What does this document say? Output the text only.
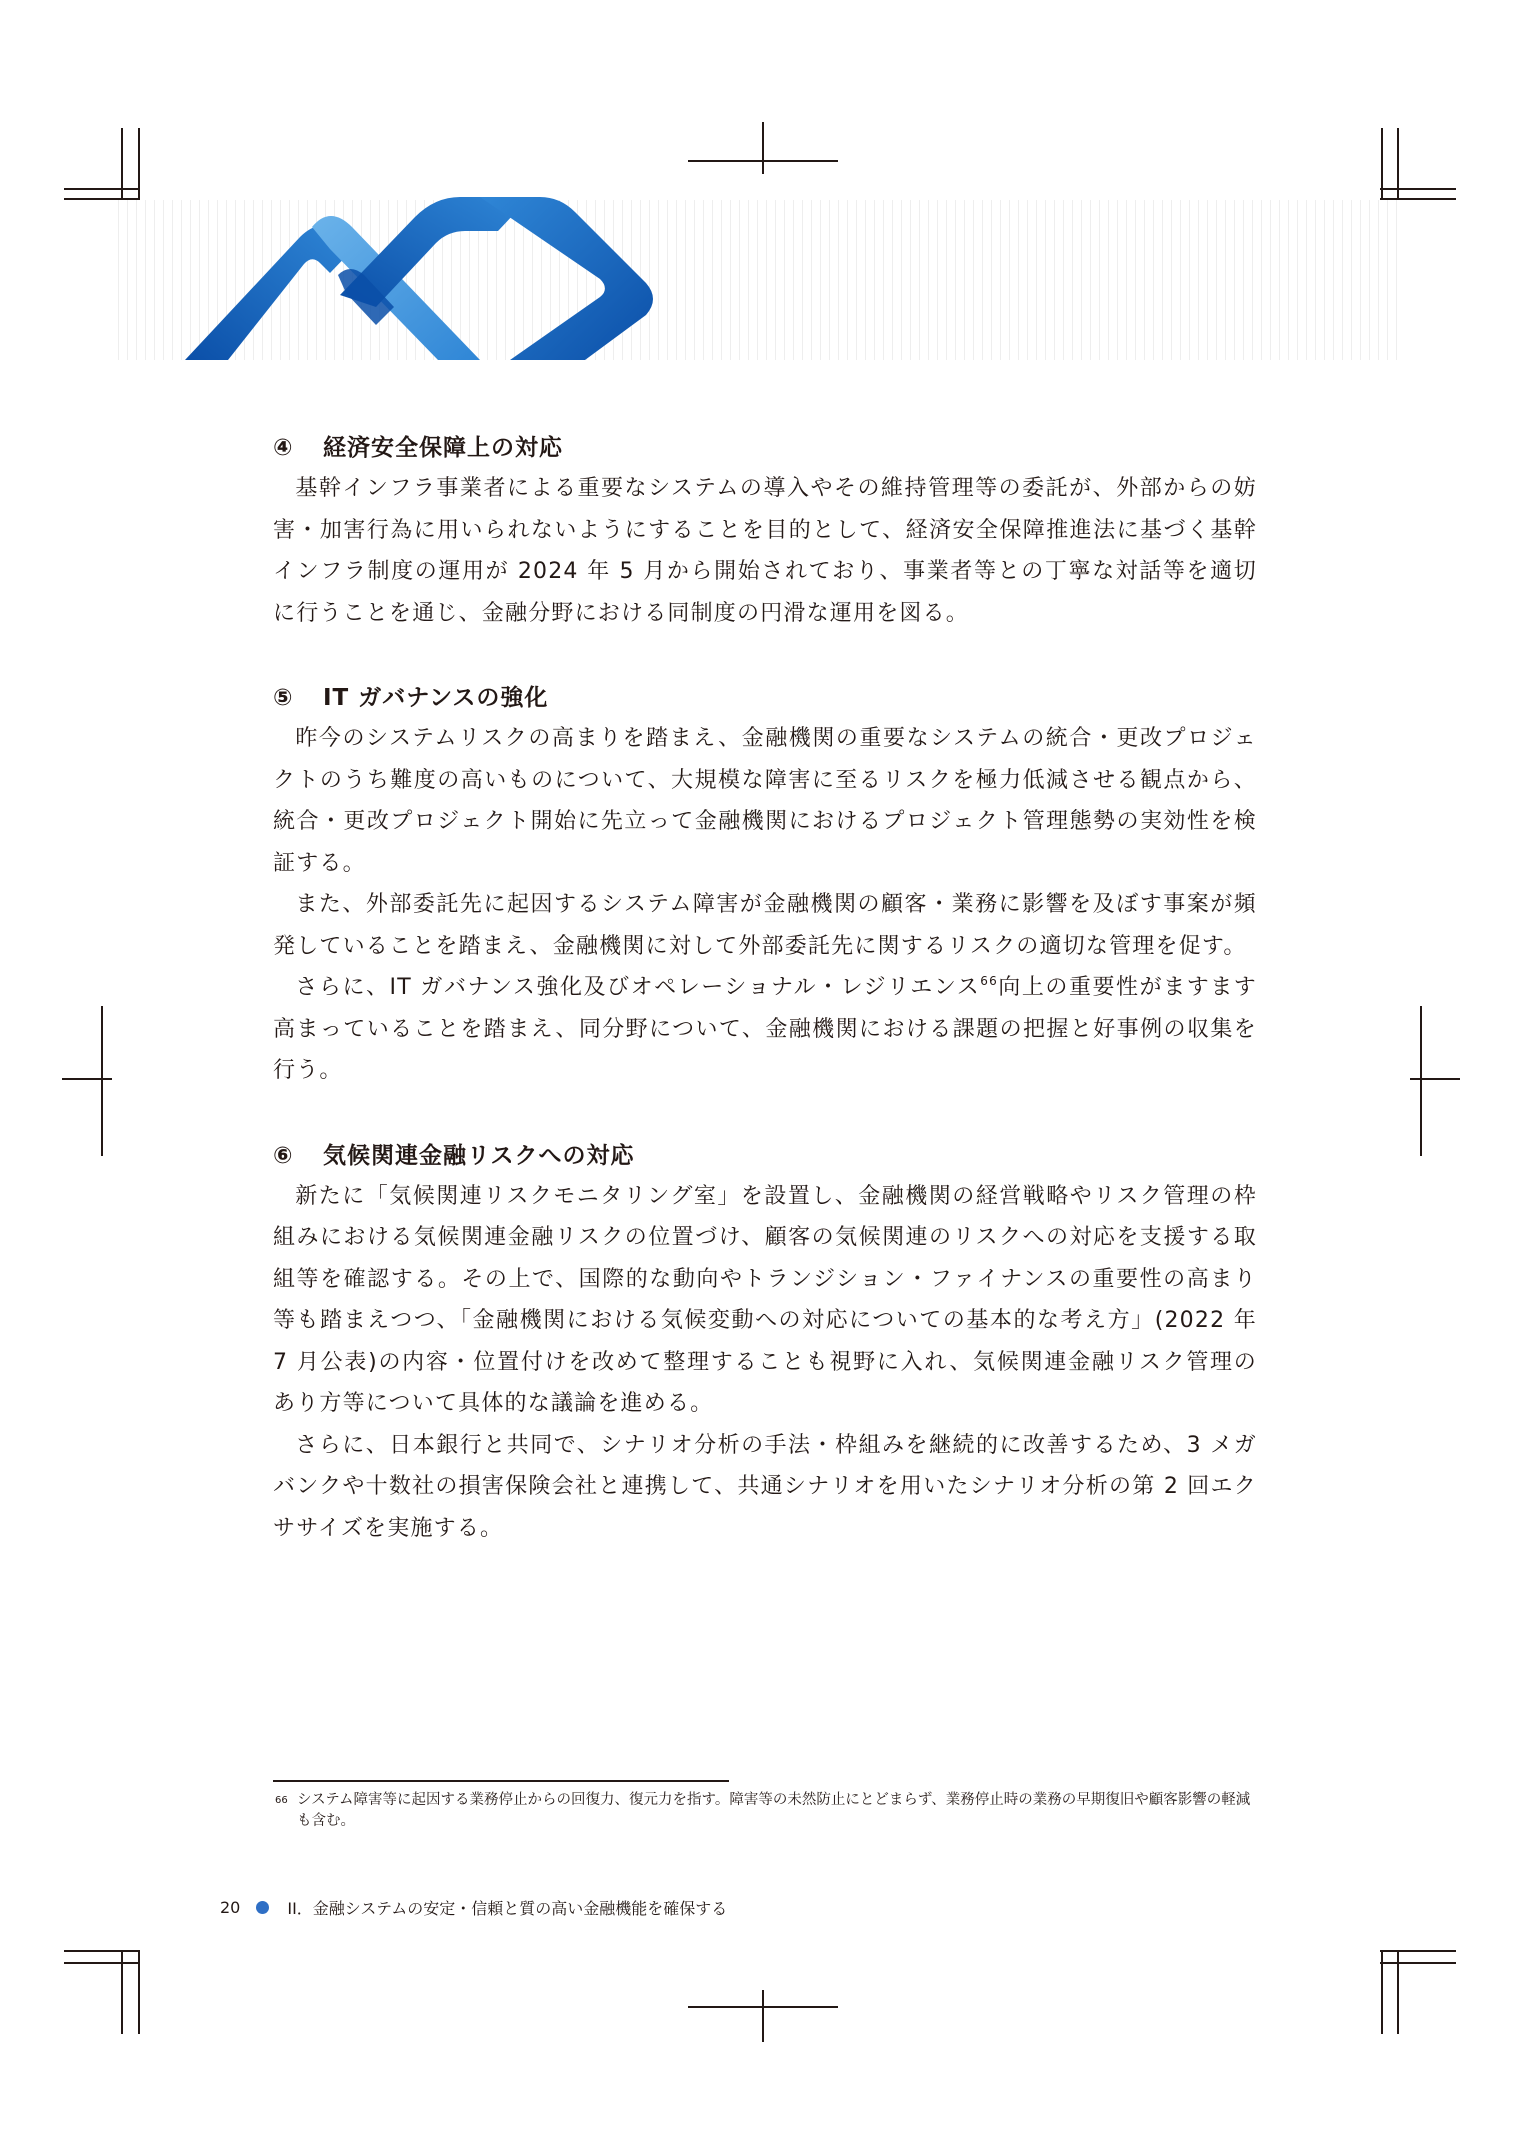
④	経済安全保障上の対応

基幹インフラ事業者による重要なシステムの導入やその維持管理等の委託が、外部からの妨害・加害行為に用いられないようにすることを目的として、経済安全保障推進法に基づく基幹インフラ制度の運用が 2024 年 5 月から開始されており、事業者等との丁寧な対話等を適切に行うことを通じ、金融分野における同制度の円滑な運用を図る。

⑤	IT ガバナンスの強化

昨今のシステムリスクの高まりを踏まえ、金融機関の重要なシステムの統合・更改プロジェクトのうち難度の高いものについて、大規模な障害に至るリスクを極力低減させる観点から、統合・更改プロジェクト開始に先立って金融機関におけるプロジェクト管理態勢の実効性を検証する。

また、外部委託先に起因するシステム障害が金融機関の顧客・業務に影響を及ぼす事案が頻発していることを踏まえ、金融機関に対して外部委託先に関するリスクの適切な管理を促す。

さらに、IT ガバナンス強化及びオペレーショナル・レジリエンス$^{66}$向上の重要性がますます高まっていることを踏まえ、同分野について、金融機関における課題の把握と好事例の収集を行う。

⑥	気候関連金融リスクへの対応

新たに「気候関連リスクモニタリング室」を設置し、金融機関の経営戦略やリスク管理の枠組みにおける気候関連金融リスクの位置づけ、顧客の気候関連のリスクへの対応を支援する取組等を確認する。その上で、国際的な動向やトランジション・ファイナンスの重要性の高まり等も踏まえつつ、「金融機関における気候変動への対応についての基本的な考え方」(2022 年 7 月公表)の内容・位置付けを改めて整理することも視野に入れ、気候関連金融リスク管理のあり方等について具体的な議論を進める。

さらに、日本銀行と共同で、シナリオ分析の手法・枠組みを継続的に改善するため、3 メガバンクや十数社の損害保険会社と連携して、共通シナリオを用いたシナリオ分析の第 2 回エクササイズを実施する。

66 システム障害等に起因する業務停止からの回復力、復元力を指す。障害等の未然防止にとどまらず、業務停止時の業務の早期復旧や顧客影響の軽減も含む。
20	II．金融システムの安定・信頼と質の高い金融機能を確保する
